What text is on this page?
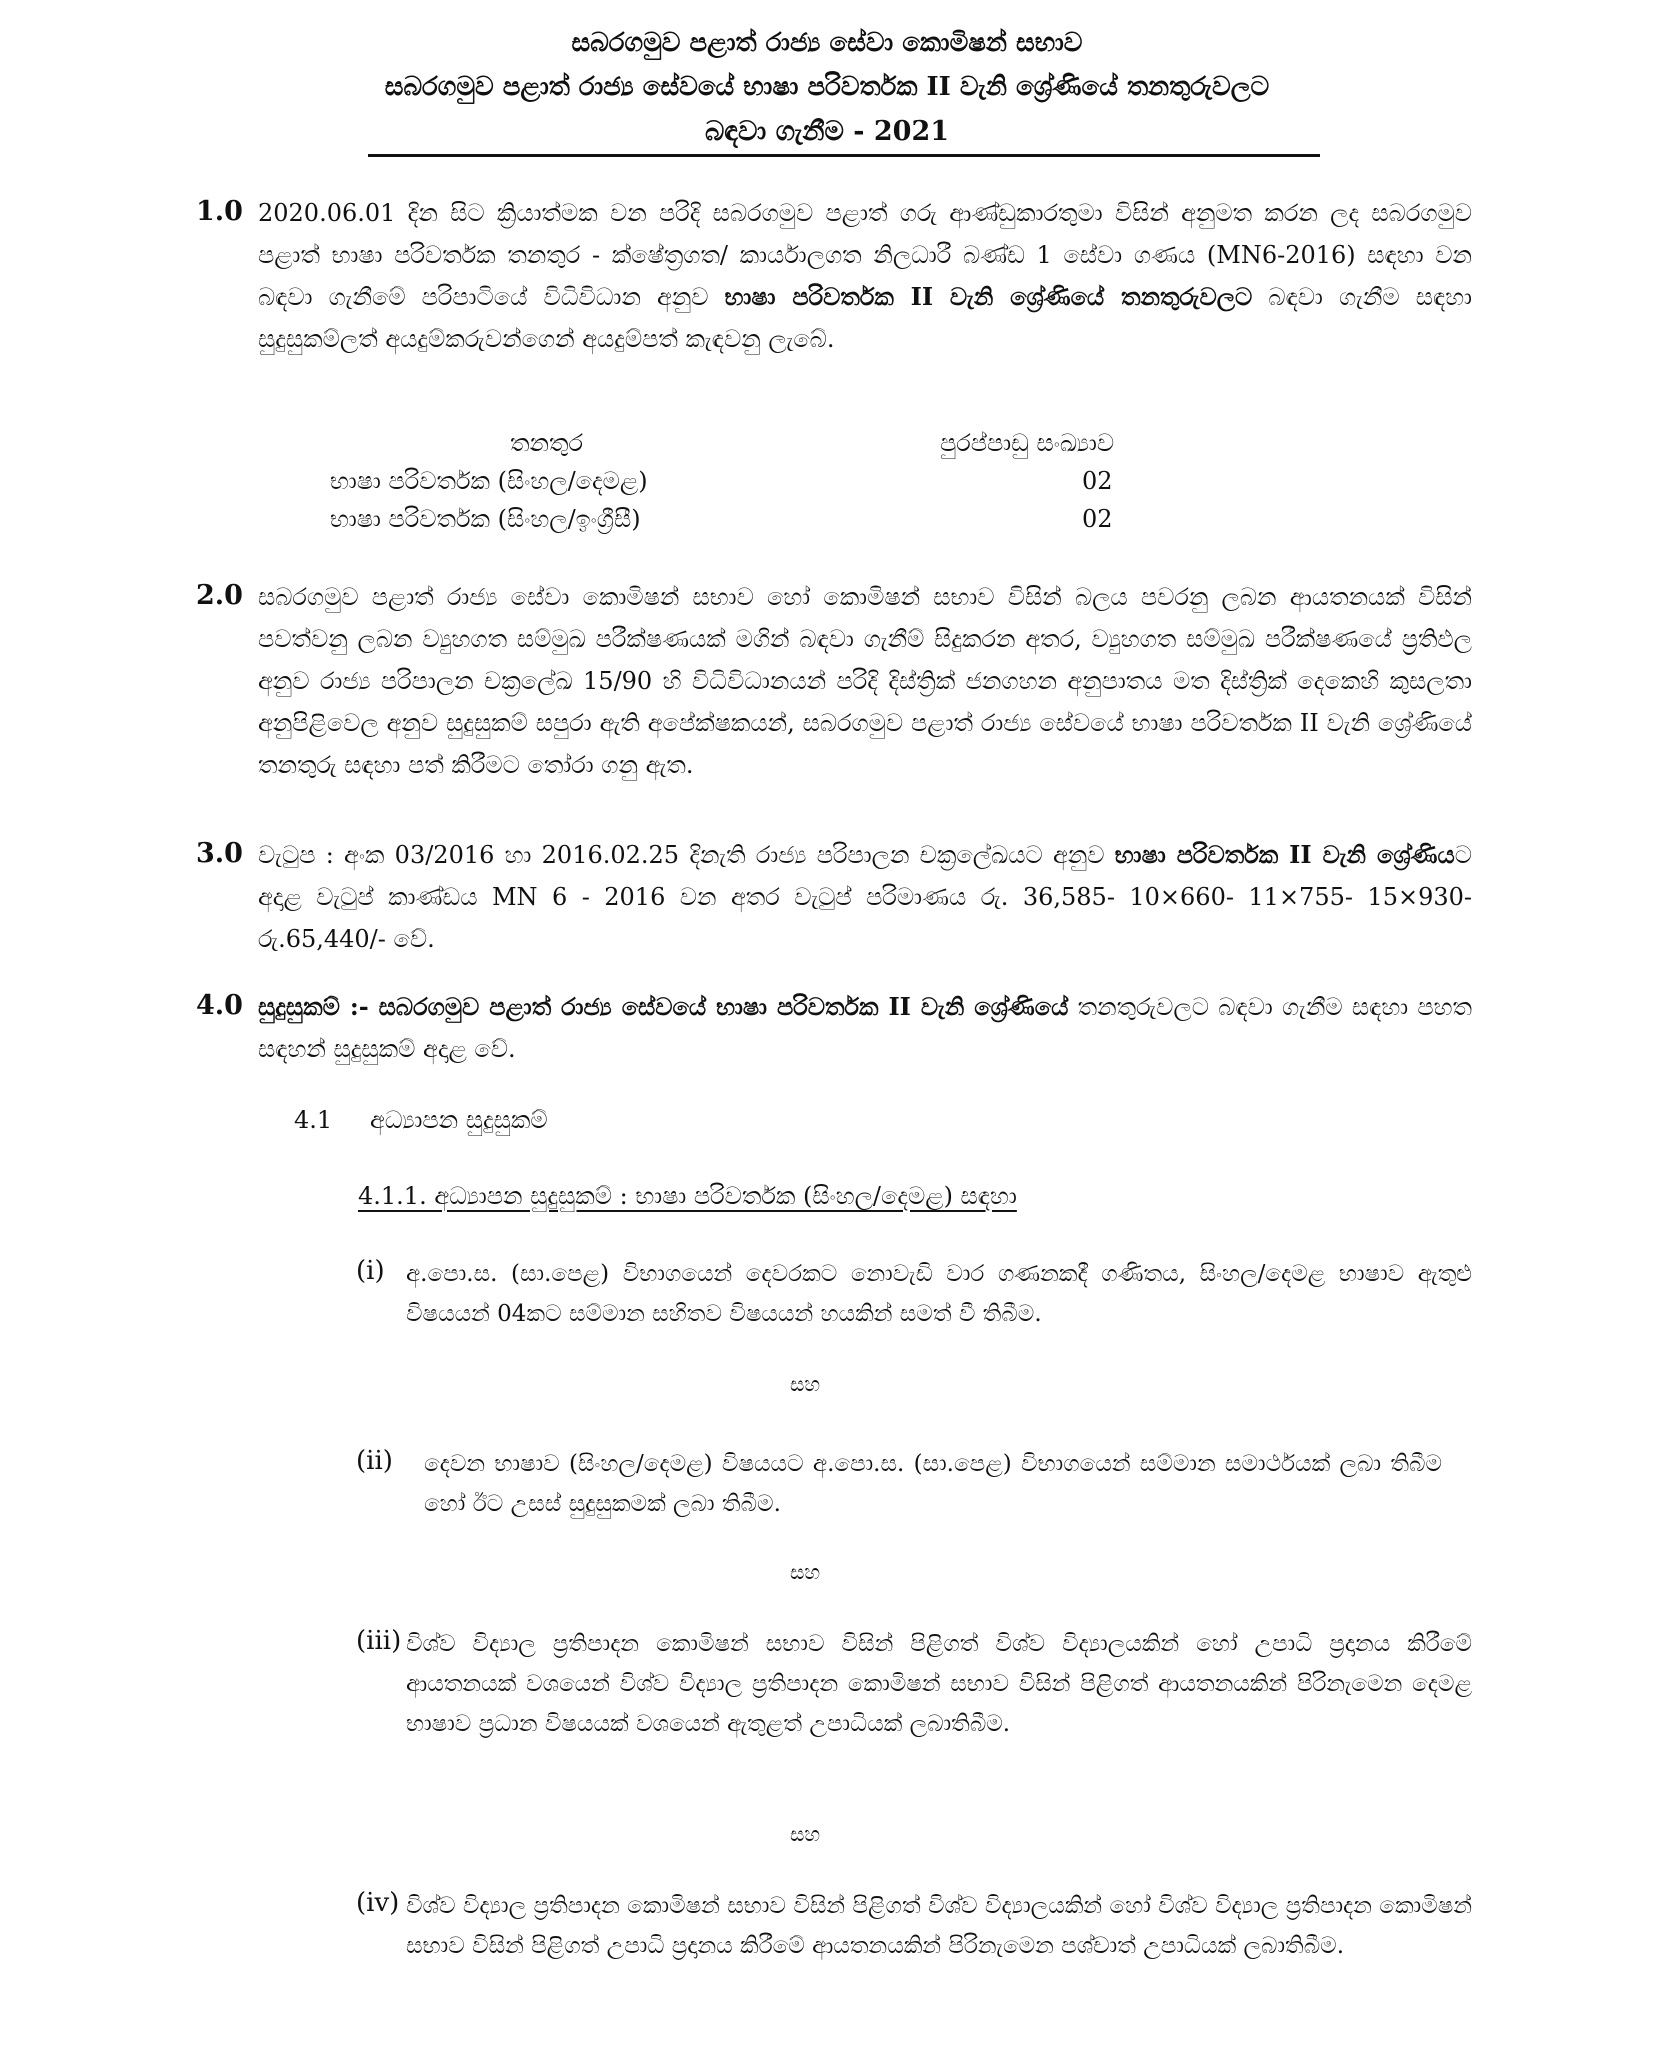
සබරගමුව පළාත් රාජ්‍ය සේවා කොමිෂන් සභාව
සබරගමුව පළාත් රාජ්‍ය සේවයේ භාෂා පරිවර්තක II වැනි ශ්‍රේණියේ තනතුරුවලට
බඳවා ගැනීම - 2021
1.0 2020.06.01 දින සිට ක්‍රියාත්මක වන පරිදි සබරගමුව පළාත් ගරු ආණ්ඩුකාරතුමා විසින් අනුමත කරන ලද සබරගමුව පළාත් භාෂා පරිවර්තක තනතුර - ක්ෂේත්‍රගත/ කාර්යාලගත නිලධාරී බණ්ඩ 1 සේවා ගණය (MN6-2016) සඳහා වන බඳවා ගැනීමේ පරිපාටියේ විධිවිධාන අනුව භාෂා පරිවර්තක II වැනි ශ්‍රේණියේ තනතුරුවලට බඳවා ගැනීම සඳහා සුදුසුකම්ලත් අයදුම්කරුවන්ගෙන් අයදුම්පත් කැඳවනු ලැබේ.
තනතුර	පුරප්පාඩු සංඛ්‍යාව
භාෂා පරිවර්තක (සිංහල/දෙමළ)	02
භාෂා පරිවර්තක (සිංහල/ඉංග්‍රීසී)	02
2.0 සබරගමුව පළාත් රාජ්‍ය සේවා කොමිෂන් සභාව හෝ කොමිෂන් සභාව විසින් බලය පවරනු ලබන ආයතනයක් විසින් පවත්වනු ලබන ව්‍යුහගත සම්මුඛ පරීක්ෂණයක් මගින් බඳවා ගැනීම් සිදුකරන අතර, ව්‍යුහගත සම්මුඛ පරීක්ෂණයේ ප්‍රතිඵල අනුව රාජ්‍ය පරිපාලන චක්‍රලේඛ 15/90 හි විධිවිධානයන් පරිදි දිස්ත්‍රික් ජනගහන අනුපාතය මත දිස්ත්‍රික් දෙකෙහි කුසලතා අනුපිළිවෙල අනුව සුදුසුකම් සපුරා ඇති අපේක්ෂකයන්, සබරගමුව පළාත් රාජ්‍ය සේවයේ භාෂා පරිවර්තක II වැනි ශ්‍රේණියේ තනතුරු සඳහා පත් කිරීමට තෝරා ගනු ඇත.
3.0 වැටුප : අංක 03/2016 හා 2016.02.25 දිනැති රාජ්‍ය පරිපාලන චක්‍රලේඛයට අනුව භාෂා පරිවර්තක II වැනි ශ්‍රේණියට අදාළ වැටුප් කාණ්ඩය MN 6 - 2016 වන අතර වැටුප් පරිමාණය රු. 36,585- 10×660- 11×755- 15×930- රු.65,440/- වේ.
4.0 සුදුසුකම් :- සබරගමුව පළාත් රාජ්‍ය සේවයේ භාෂා පරිවර්තක II වැනි ශ්‍රේණියේ තනතුරුවලට බඳවා ගැනීම සඳහා පහත සඳහන් සුදුසුකම් අදාළ වේ.
4.1 අධ්‍යාපන සුදුසුකම්
4.1.1. අධ්‍යාපන සුදුසුකම් : භාෂා පරිවර්තක (සිංහල/දෙමළ) සඳහා
(i) අ.පො.ස. (සා.පෙළ) විභාගයෙන් දෙවරකට නොවැඩි වාර ගණනකදී ගණිතය, සිංහල/දෙමළ භාෂාව ඇතුළු විෂයයන් 04කට සම්මාන සහිතව විෂයයන් හයකින් සමත් වී තිබීම.
සහ
(ii) දෙවන භාෂාව (සිංහල/දෙමළ) විෂයයට අ.පො.ස. (සා.පෙළ) විභාගයෙන් සම්මාන සමාර්ථයක් ලබා තිබීම හෝ ඊට උසස් සුදුසුකමක් ලබා තිබීම.
සහ
(iii) විශ්ව විද්‍යාල ප්‍රතිපාදන කොමිෂන් සභාව විසින් පිළිගත් විශ්ව විද්‍යාලයකින් හෝ උපාධි ප්‍රදානය කිරීමේ ආයතනයක් වශයෙන් විශ්ව විද්‍යාල ප්‍රතිපාදන කොමිෂන් සභාව විසින් පිළිගත් ආයතනයකින් පිරිනැමෙන දෙමළ භාෂාව ප්‍රධාන විෂයයක් වශයෙන් ඇතුළත් උපාධියක් ලබාතිබීම.
සහ
(iv) විශ්ව විද්‍යාල ප්‍රතිපාදන කොමිෂන් සභාව විසින් පිළිගත් විශ්ව විද්‍යාලයකින් හෝ විශ්ව විද්‍යාල ප්‍රතිපාදන කොමිෂන් සභාව විසින් පිළිගත් උපාධි ප්‍රදානය කිරීමේ ආයතනයකින් පිරිනැමෙන පශ්චාත් උපාධියක් ලබාතිබීම.
